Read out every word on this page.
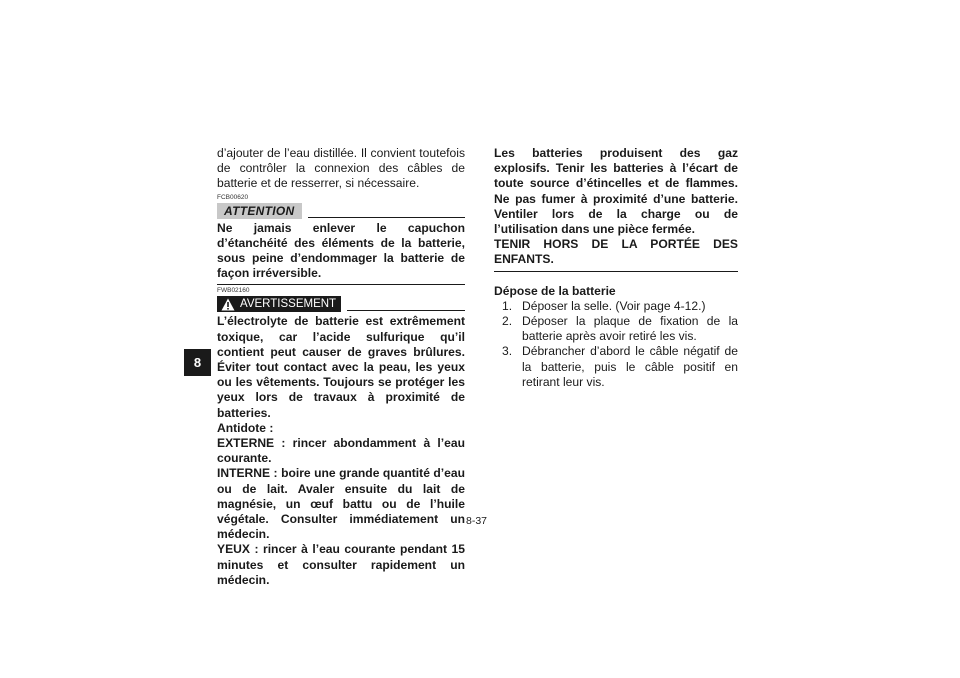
8

d’ajouter de l’eau distillée. Il convient toutefois de contrôler la connexion des câbles de batterie et de resserrer, si nécessaire.

FCB00620
ATTENTION

Ne jamais enlever le capuchon d’étanchéité des éléments de la batterie, sous peine d’endommager la batterie de façon irréversible.

FWB02160
AVERTISSEMENT

L’électrolyte de batterie est extrêmement toxique, car l’acide sulfurique qu’il contient peut causer de graves brûlures. Éviter tout contact avec la peau, les yeux ou les vêtements. Toujours se protéger les yeux lors de travaux à proximité de batteries.

Antidote :

EXTERNE : rincer abondamment à l’eau courante.

INTERNE : boire une grande quantité d’eau ou de lait. Avaler ensuite du lait de magnésie, un œuf battu ou de l’huile végétale. Consulter immédiatement un médecin.

YEUX : rincer à l’eau courante pendant 15 minutes et consulter rapidement un médecin.

Les batteries produisent des gaz explosifs. Tenir les batteries à l’écart de toute source d’étincelles et de flammes. Ne pas fumer à proximité d’une batterie. Ventiler lors de la charge ou de l’utilisation dans une pièce fermée.

TENIR HORS DE LA PORTÉE DES ENFANTS.

Dépose de la batterie

1. Déposer la selle. (Voir page 4-12.)
2. Déposer la plaque de fixation de la batterie après avoir retiré les vis.
3. Débrancher d’abord le câble négatif de la batterie, puis le câble positif en retirant leur vis.
8-37
